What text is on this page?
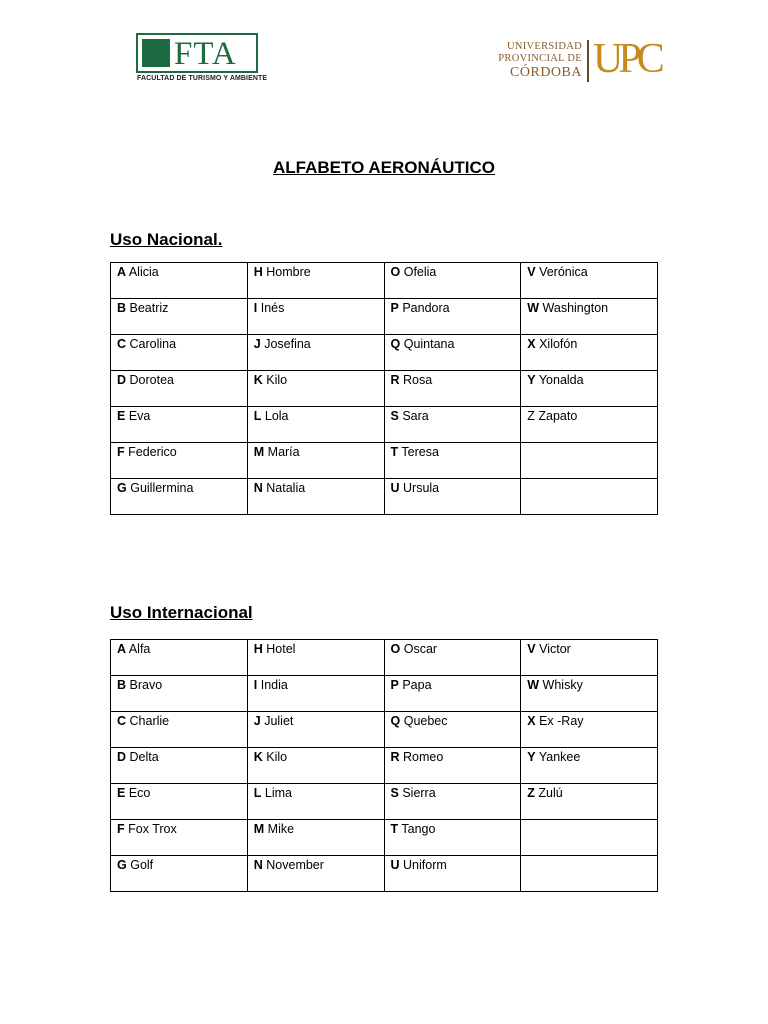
FTA
FACULTAD DE TURISMO Y AMBIENTE
UNIVERSIDAD
PROVINCIAL DE
CÓRDOBA UPC
ALFABETO AERONÁUTICO
Uso Nacional.
A Alicia	H Hombre	O Ofelia	V Verónica
B Beatriz	I Inés	P Pandora	W Washington
C Carolina	J Josefina	Q Quintana	X Xilofón
D Dorotea	K Kilo	R Rosa	Y Yonalda
E Eva	L Lola	S Sara	Z Zapato
F Federico	M María	T Teresa	
G Guillermina	N Natalia	U Ursula	
Uso Internacional
A Alfa	H Hotel	O Oscar	V Victor
B Bravo	I India	P Papa	W Whisky
C Charlie	J Juliet	Q Quebec	X Ex -Ray
D Delta	K Kilo	R Romeo	Y Yankee
E Eco	L Lima	S Sierra	Z Zulú
F Fox Trox	M Mike	T Tango	
G Golf	N November	U Uniform	
